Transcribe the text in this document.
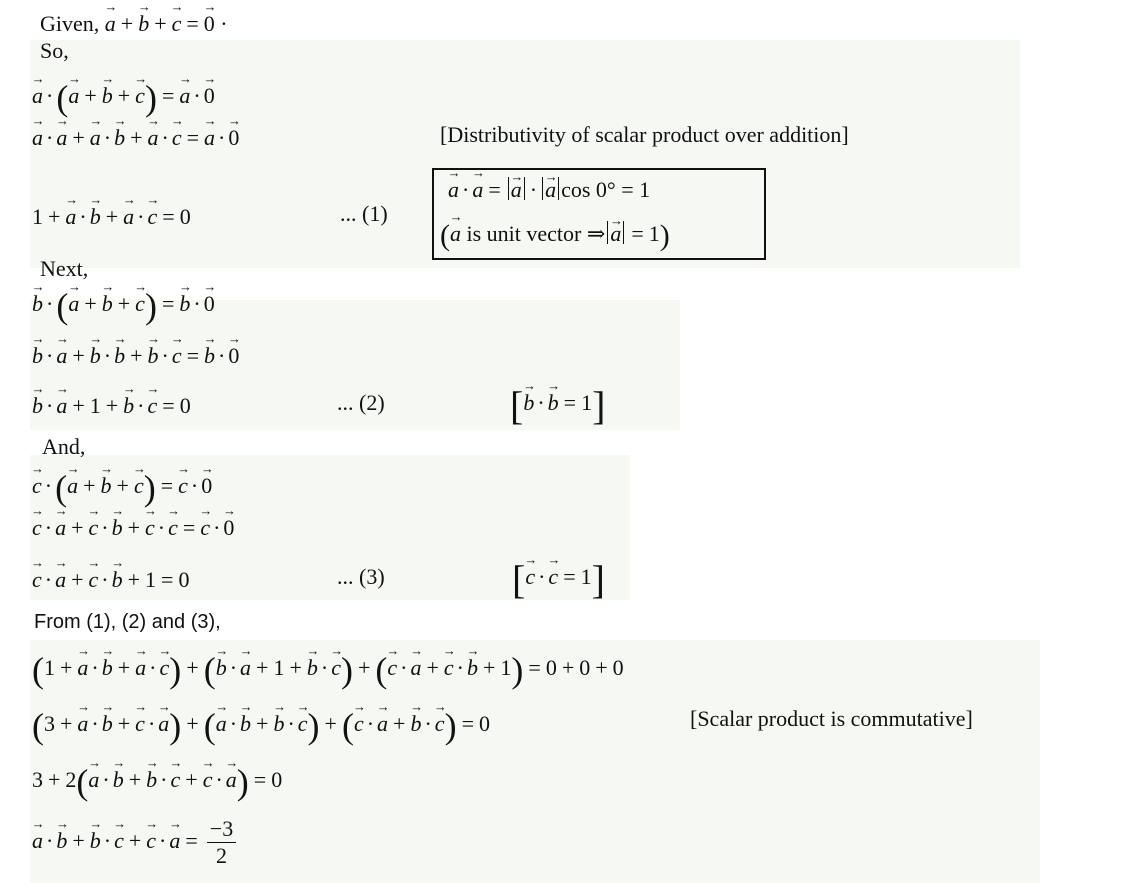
Given, → a +→ b +→ c =→ 0 ·
So,
→ a ·(→ a +→ b +→ c) =→ a ·→ 0
→ a ·→ a +→ a ·→ b +→ a ·→ c =→ a ·→ 0	[Distributivity of scalar product over addition]
1 +→ a ·→ b +→ a ·→ c = 0	... (1)
→ a ·→ a =→ a ·→ a cos 0° = 1
(→ a is unit vector ⇒→ a = 1)
Next,
→ b ·(→ a +→ b +→ c) =→ b ·→ 0
→ b ·→ a +→ b ·→ b +→ b ·→ c =→ b ·→ 0
→ b ·→ a + 1 +→ b ·→ c = 0	... (2)	[→ b ·→ b = 1]
And,
→ c ·(→ a +→ b +→ c) =→ c ·→ 0
→ c ·→ a +→ c ·→ b +→ c ·→ c =→ c ·→ 0
→ c ·→ a +→ c ·→ b + 1 = 0	... (3)	[→ c ·→ c = 1]
From (1), (2) and (3),
(1 +→ a ·→ b +→ a ·→ c) + (→ b ·→ a + 1 +→ b ·→ c) + (→ c ·→ a +→ c ·→ b + 1) = 0 + 0 + 0
(3 +→ a ·→ b +→ c ·→ a) + (→ a ·→ b +→ b ·→ c) + (→ c ·→ a +→ b ·→ c) = 0	[Scalar product is commutative]
3 + 2(→ a ·→ b +→ b ·→ c +→ c ·→ a) = 0
→ $a \cdot\to b +\to b \cdot\to c +\to c \cdot\to a = \frac{-3}{2}$
